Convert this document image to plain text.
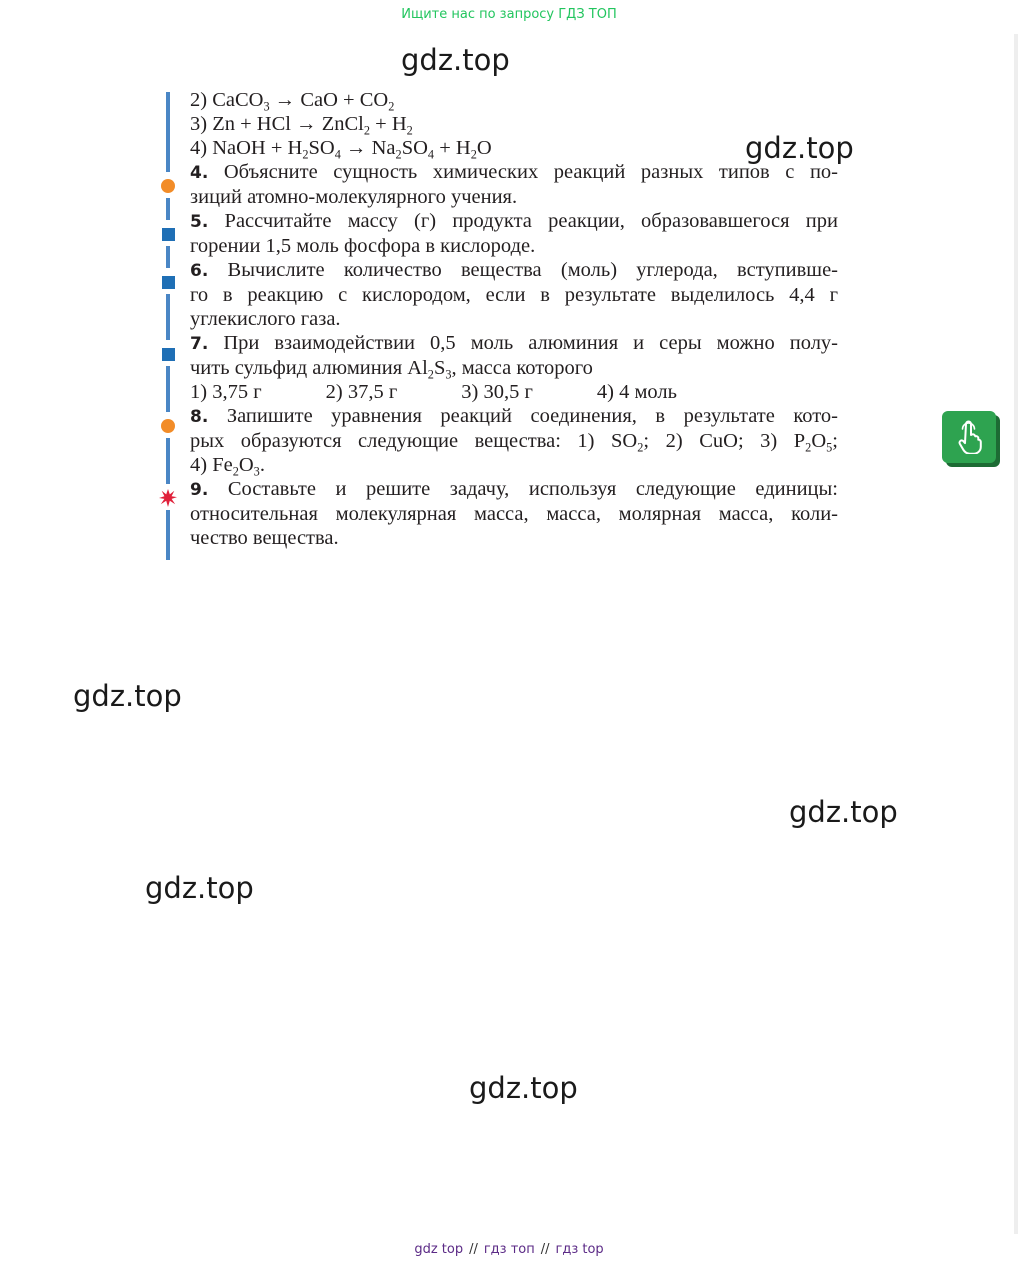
Ищите нас по запросу ГДЗ ТОП
gdz.top
gdz.top
gdz.top
gdz.top
gdz.top
gdz.top
2) CaCO$_3$ → CaO + $CO_2$
3) Zn + HCl → ZnCl$_2$ + $H_2$
4) NaOH + $H_2SO_4 \to Na_2SO_4 + H_2O$
4. Объясните сущность химических реакций разных типов с по-
зиций атомно-молекулярного учения.
5. Рассчитайте массу (г) продукта реакции, образовавшегося при
горении 1,5 моль фосфора в кислороде.
6. Вычислите количество вещества (моль) углерода, вступивше-
го в реакцию с кислородом, если в результате выделилось 4,4 г
углекислого газа.
7. При взаимодействии 0,5 моль алюминия и серы можно полу-
чить сульфид алюминия $Al_2S_3$, масса которого
1) 3,75 г	2) 37,5 г	3) 30,5 г	4) 4 моль
8. Запишите уравнения реакций соединения, в результате кото-
рых образуются следующие вещества: 1) $SO_2$; 2) CuO; 3) $P_2O_5$;
4) $Fe_2O_3$.
9. Составьте и решите задачу, используя следующие единицы:
относительная молекулярная масса, масса, молярная масса, коли-
чество вещества.
gdz top // гдз топ // гдз top
